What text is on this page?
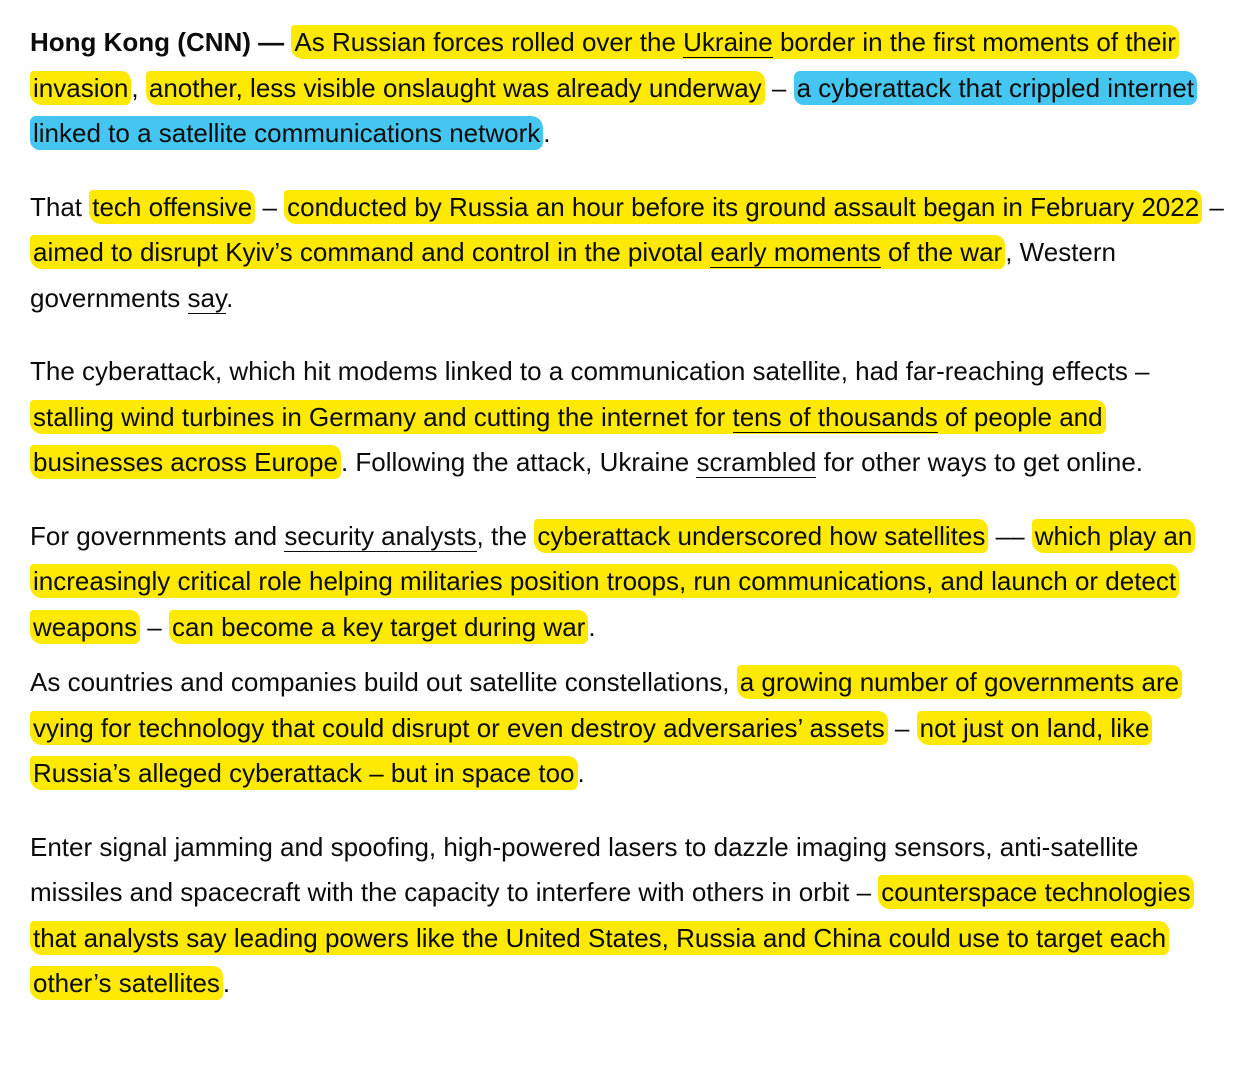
Hong Kong (CNN) — As Russian forces rolled over the Ukraine border in the first moments of their invasion , another, less visible onslaught was already underway – a cyberattack that crippled internet linked to a satellite communications network .

That tech offensive – conducted by Russia an hour before its ground assault began in February 2022 – aimed to disrupt Kyiv’s command and control in the pivotal early moments of the war , Western governments say.

The cyberattack, which hit modems linked to a communication satellite, had far-reaching effects – stalling wind turbines in Germany and cutting the internet for tens of thousands of people and businesses across Europe . Following the attack, Ukraine scrambled for other ways to get online.

For governments and security analysts, the cyberattack underscored how satellites –– which play an increasingly critical role helping militaries position troops, run communications, and launch or detect weapons – can become a key target during war .

As countries and companies build out satellite constellations, a growing number of governments are vying for technology that could disrupt or even destroy adversaries’ assets – not just on land, like Russia’s alleged cyberattack – but in space too .

Enter signal jamming and spoofing, high-powered lasers to dazzle imaging sensors, anti-satellite missiles and spacecraft with the capacity to interfere with others in orbit – counterspace technologies that analysts say leading powers like the United States, Russia and China could use to target each other’s satellites .
